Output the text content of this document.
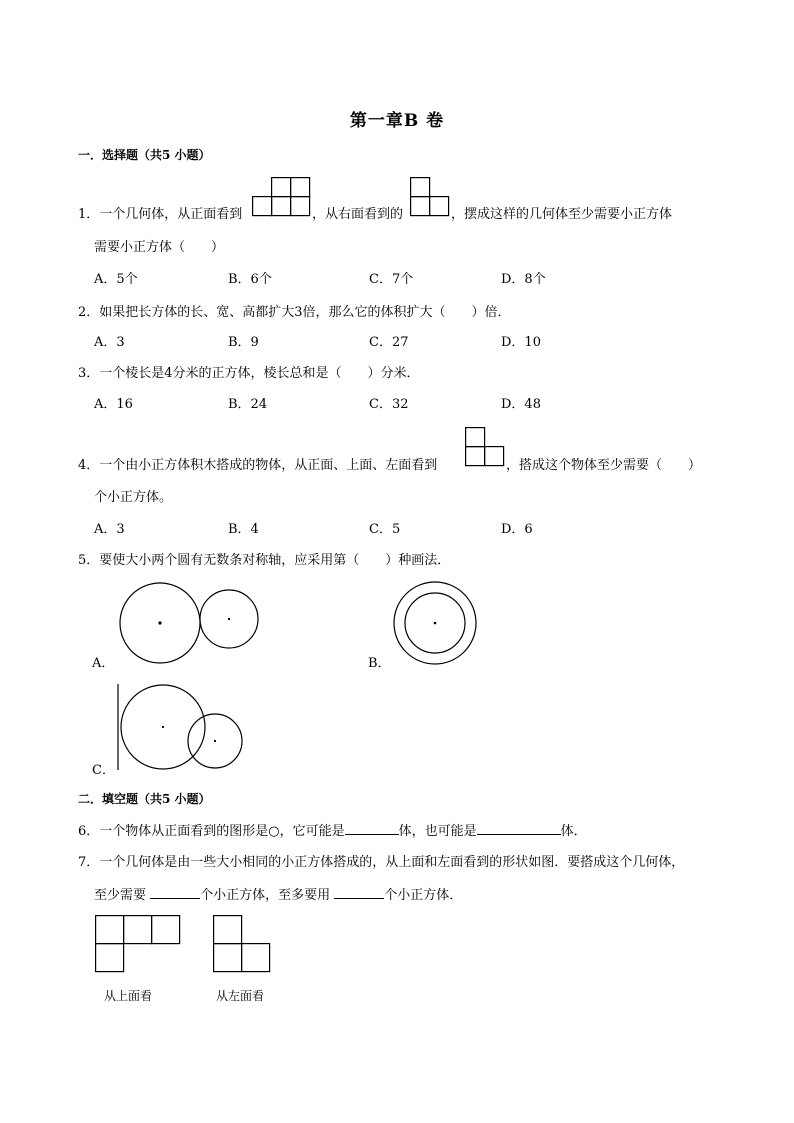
第一章B 卷
一．选择题（共5 小题）
1．一个几何体，从正面看到	，从右面看到的	，摆成这样的几何体至少需要小正方体
需要小正方体（　　）
A．5个	B．6个	C．7个	D．8个
2．如果把长方体的长、宽、高都扩大3倍，那么它的体积扩大（　　）倍．
A．3	B．9	C．27	D．10
3．一个棱长是4分米的正方体，棱长总和是（　　）分米．
A．16	B．24	C．32	D．48
4．一个由小正方体积木搭成的物体，从正面、上面、左面看到	，搭成这个物体至少需要（　　）
个小正方体。
A．3	B．4	C．5	D．6
5．要使大小两个圆有无数条对称轴，应采用第（　　）种画法．
A．	B．
C．
二．填空题（共5 小题）
6．一个物体从正面看到的图形是○，它可能是	体，也可能是	体．
7．一个几何体是由一些大小相同的小正方体搭成的，从上面和左面看到的形状如图．要搭成这个几何体，
至少需要	个小正方体，至多要用	个小正方体．
从上面看	从左面看
